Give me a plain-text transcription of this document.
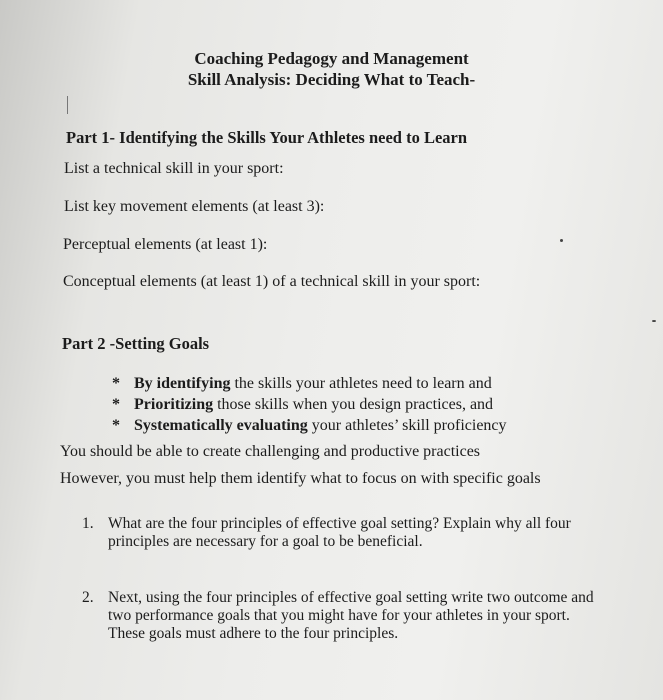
Coaching Pedagogy and Management
Skill Analysis: Deciding What to Teach-
Part 1- Identifying the Skills Your Athletes need to Learn
List a technical skill in your sport:
List key movement elements (at least 3):
Perceptual elements (at least 1):
Conceptual elements (at least 1) of a technical skill in your sport:
Part 2 -Setting Goals
* By identifying the skills your athletes need to learn and
* Prioritizing those skills when you design practices, and
* Systematically evaluating your athletes’ skill proficiency
You should be able to create challenging and productive practices
However, you must help them identify what to focus on with specific goals
1. What are the four principles of effective goal setting? Explain why all four principles are necessary for a goal to be beneficial.
2. Next, using the four principles of effective goal setting write two outcome and two performance goals that you might have for your athletes in your sport. These goals must adhere to the four principles.
